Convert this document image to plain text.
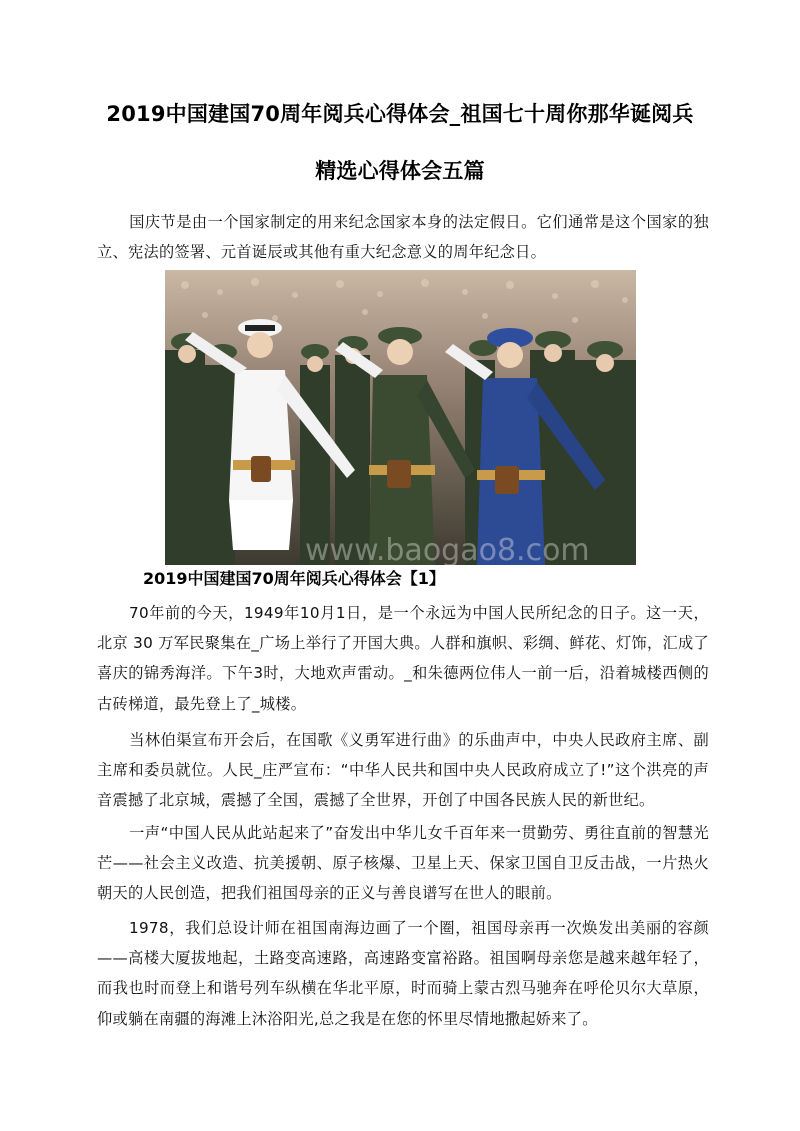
2019中国建国70周年阅兵心得体会_祖国七十周你那华诞阅兵
精选心得体会五篇

国庆节是由一个国家制定的用来纪念国家本身的法定假日。它们通常是这个国家的独立、宪法的签署、元首诞辰或其他有重大纪念意义的周年纪念日。

www.baogao8.com
2019中国建国70周年阅兵心得体会【1】

70年前的今天，1949年10月1日，是一个永远为中国人民所纪念的日子。这一天，北京 30 万军民聚集在_广场上举行了开国大典。人群和旗帜、彩绸、鲜花、灯饰，汇成了喜庆的锦秀海洋。下午3时，大地欢声雷动。_和朱德两位伟人一前一后，沿着城楼西侧的古砖梯道，最先登上了_城楼。

当林伯渠宣布开会后，在国歌《义勇军进行曲》的乐曲声中，中央人民政府主席、副主席和委员就位。人民_庄严宣布：“中华人民共和国中央人民政府成立了!”这个洪亮的声音震撼了北京城，震撼了全国，震撼了全世界，开创了中国各民族人民的新世纪。

一声“中国人民从此站起来了”奋发出中华儿女千百年来一贯勤劳、勇往直前的智慧光芒——社会主义改造、抗美援朝、原子核爆、卫星上天、保家卫国自卫反击战，一片热火朝天的人民创造，把我们祖国母亲的正义与善良谱写在世人的眼前。

1978，我们总设计师在祖国南海边画了一个圈，祖国母亲再一次焕发出美丽的容颜——高楼大厦拔地起，土路变高速路，高速路变富裕路。祖国啊母亲您是越来越年轻了，而我也时而登上和谐号列车纵横在华北平原，时而骑上蒙古烈马驰奔在呼伦贝尔大草原，仰或躺在南疆的海滩上沐浴阳光,总之我是在您的怀里尽情地撒起娇来了。
